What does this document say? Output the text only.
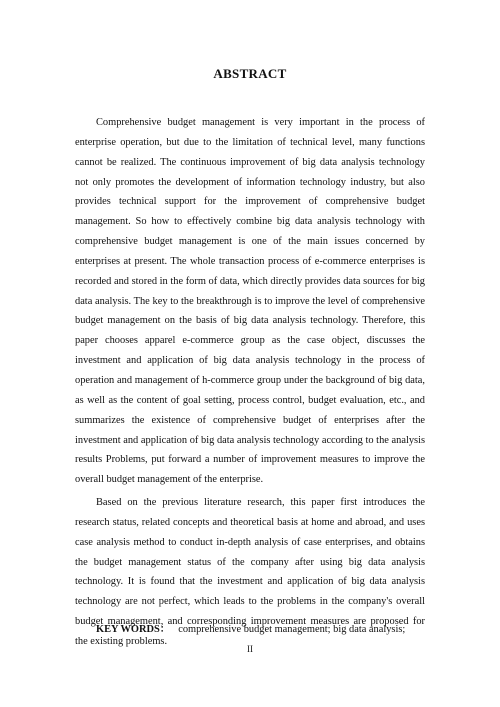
ABSTRACT

Comprehensive budget management is very important in the process of enterprise operation, but due to the limitation of technical level, many functions cannot be realized. The continuous improvement of big data analysis technology not only promotes the development of information technology industry, but also provides technical support for the improvement of comprehensive budget management. So how to effectively combine big data analysis technology with comprehensive budget management is one of the main issues concerned by enterprises at present. The whole transaction process of e-commerce enterprises is recorded and stored in the form of data, which directly provides data sources for big data analysis. The key to the breakthrough is to improve the level of comprehensive budget management on the basis of big data analysis technology. Therefore, this paper chooses apparel e-commerce group as the case object, discusses the investment and application of big data analysis technology in the process of operation and management of h-commerce group under the background of big data, as well as the content of goal setting, process control, budget evaluation, etc., and summarizes the existence of comprehensive budget of enterprises after the investment and application of big data analysis technology according to the analysis results Problems, put forward a number of improvement measures to improve the overall budget management of the enterprise.

Based on the previous literature research, this paper first introduces the research status, related concepts and theoretical basis at home and abroad, and uses case analysis method to conduct in-depth analysis of case enterprises, and obtains the budget management status of the company after using big data analysis technology. It is found that the investment and application of big data analysis technology are not perfect, which leads to the problems in the company's overall budget management, and corresponding improvement measures are proposed for the existing problems.

KEY WORDS： comprehensive budget management; big data analysis;
II
